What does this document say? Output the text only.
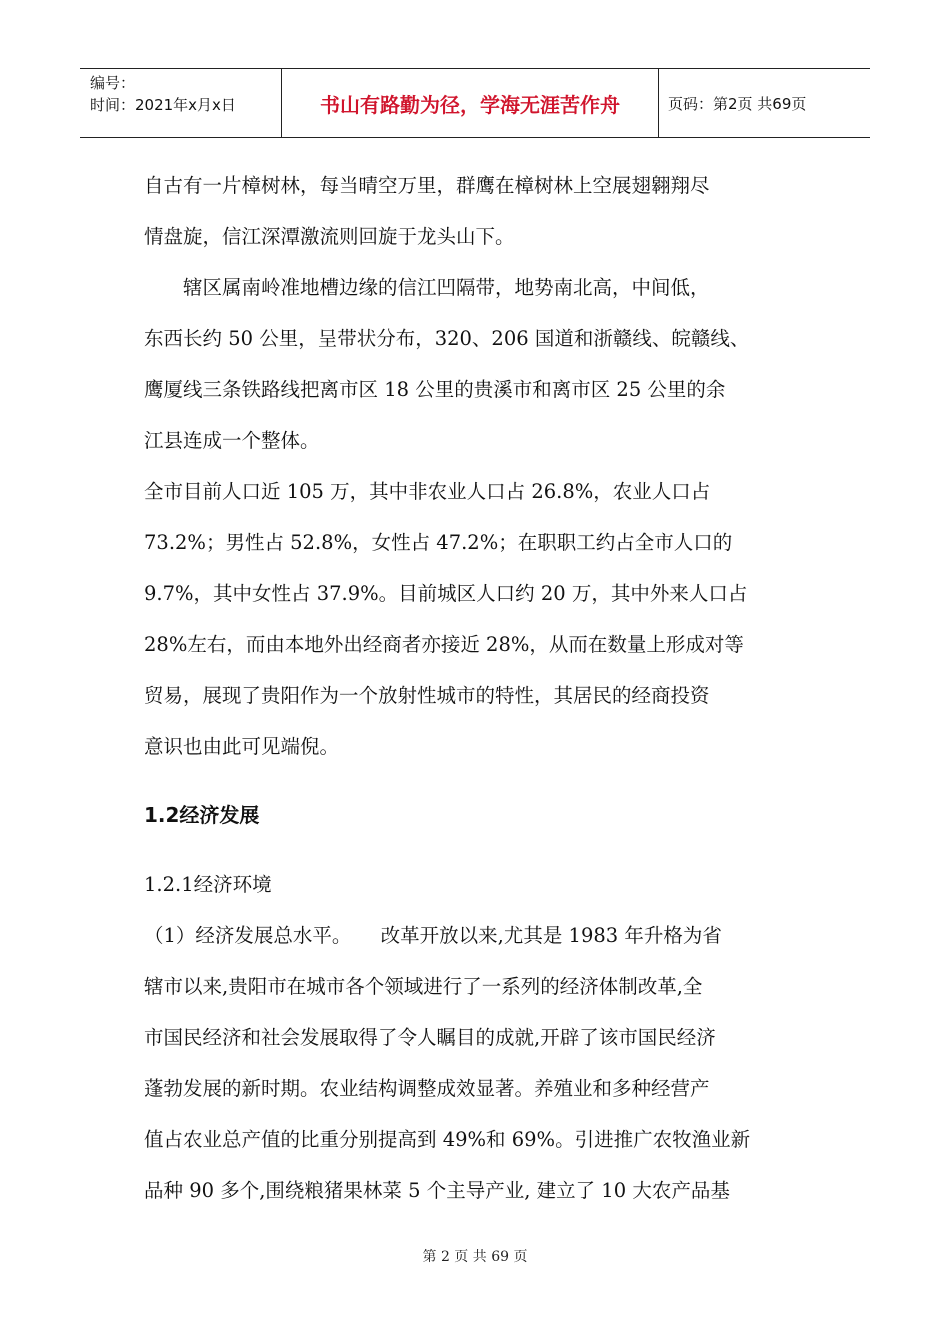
编号：
时间：2021年x月x日	书山有路勤为径，学海无涯苦作舟	页码：第2页 共69页
自古有一片樟树林，每当晴空万里，群鹰在樟树林上空展翅翱翔尽
情盘旋，信江深潭激流则回旋于龙头山下。
　　辖区属南岭准地槽边缘的信江凹隔带，地势南北高，中间低，
东西长约 50 公里，呈带状分布，320、206 国道和浙赣线、皖赣线、
鹰厦线三条铁路线把离市区 18 公里的贵溪市和离市区 25 公里的余
江县连成一个整体。
全市目前人口近 105 万，其中非农业人口占 26.8%，农业人口占
73.2%；男性占 52.8%，女性占 47.2%；在职职工约占全市人口的
9.7%，其中女性占 37.9%。目前城区人口约 20 万，其中外来人口占
28%左右，而由本地外出经商者亦接近 28%，从而在数量上形成对等
贸易，展现了贵阳作为一个放射性城市的特性，其居民的经商投资
意识也由此可见端倪。
1.2经济发展
1.2.1经济环境
（1）经济发展总水平。　　改革开放以来,尤其是 1983 年升格为省
辖市以来,贵阳市在城市各个领域进行了一系列的经济体制改革,全
市国民经济和社会发展取得了令人瞩目的成就,开辟了该市国民经济
蓬勃发展的新时期。农业结构调整成效显著。养殖业和多种经营产
值占农业总产值的比重分别提高到 49%和 69%。引进推广农牧渔业新
品种 90 多个,围绕粮猪果林菜 5 个主导产业, 建立了 10 大农产品基
第 2 页 共 69 页
